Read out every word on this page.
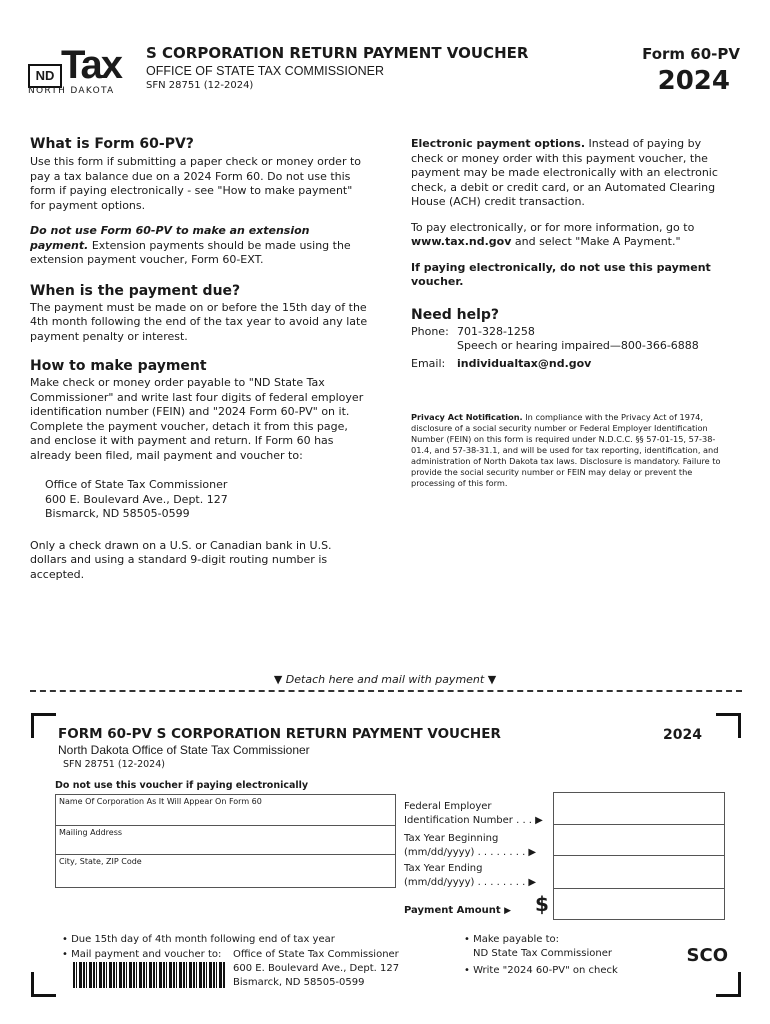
ND Tax
NORTH DAKOTA
S CORPORATION RETURN PAYMENT VOUCHER
OFFICE OF STATE TAX COMMISSIONER
SFN 28751 (12-2024)
Form 60-PV
2024

What is Form 60-PV?

Use this form if submitting a paper check or money order to pay a tax balance due on a 2024 Form 60. Do not use this form if paying electronically - see "How to make payment" for payment options.

Do not use Form 60-PV to make an extension payment. Extension payments should be made using the extension payment voucher, Form 60-EXT.

When is the payment due?

The payment must be made on or before the 15th day of the 4th month following the end of the tax year to avoid any late payment penalty or interest.

How to make payment

Make check or money order payable to "ND State Tax Commissioner" and write last four digits of federal employer identification number (FEIN) and "2024 Form 60-PV" on it. Complete the payment voucher, detach it from this page, and enclose it with payment and return. If Form 60 has already been filed, mail payment and voucher to:

Office of State Tax Commissioner
600 E. Boulevard Ave., Dept. 127
Bismarck, ND 58505-0599

Only a check drawn on a U.S. or Canadian bank in U.S. dollars and using a standard 9-digit routing number is accepted.

Electronic payment options. Instead of paying by check or money order with this payment voucher, the payment may be made electronically with an electronic check, a debit or credit card, or an Automated Clearing House (ACH) credit transaction.

To pay electronically, or for more information, go to www.tax.nd.gov and select "Make A Payment."

If paying electronically, do not use this payment voucher.

Need help?

Phone: 701-328-1258
Speech or hearing impaired—800-366-6888
Email:	individualtax@nd.gov

Privacy Act Notification. In compliance with the Privacy Act of 1974, disclosure of a social security number or Federal Employer Identification Number (FEIN) on this form is required under N.D.C.C. §§ 57-01-15, 57-38-01.4, and 57-38-31.1, and will be used for tax reporting, identification, and administration of North Dakota tax laws. Disclosure is mandatory. Failure to provide the social security number or FEIN may delay or prevent the processing of this form.

▼ Detach here and mail with payment ▼
FORM 60-PV S CORPORATION RETURN PAYMENT VOUCHER	2024
North Dakota Office of State Tax Commissioner
SFN 28751 (12-2024)
Do not use this voucher if paying electronically
Name Of Corporation As It Will Appear On Form 60
Mailing Address
City, State, ZIP Code
Federal Employer
Identification Number . . . ▶
Tax Year Beginning
(mm/dd/yyyy) . . . . . . . . ▶
Tax Year Ending
(mm/dd/yyyy) . . . . . . . . ▶
Payment Amount ▶ $
• Due 15th day of 4th month following end of tax year
• Mail payment and voucher to: Office of State Tax Commissioner
600 E. Boulevard Ave., Dept. 127
Bismarck, ND 58505-0599
• Make payable to:
ND State Tax Commissioner
• Write "2024 60-PV" on check
SCO
